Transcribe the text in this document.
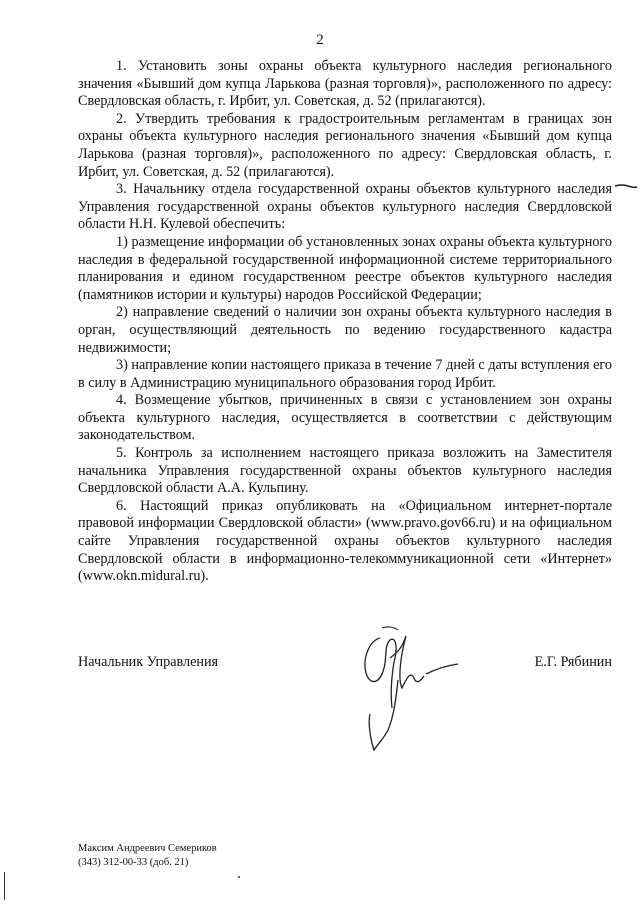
2

1. Установить зоны охраны объекта культурного наследия регионального значения «Бывший дом купца Ларькова (разная торговля)», расположенного по адресу: Свердловская область, г. Ирбит, ул. Советская, д. 52 (прилагаются).

2. Утвердить требования к градостроительным регламентам в границах зон охраны объекта культурного наследия регионального значения «Бывший дом купца Ларькова (разная торговля)», расположенного по адресу: Свердловская область, г. Ирбит, ул. Советская, д. 52 (прилагаются).

3. Начальнику отдела государственной охраны объектов культурного наследия Управления государственной охраны объектов культурного наследия Свердловской области Н.Н. Кулевой обеспечить:

1) размещение информации об установленных зонах охраны объекта культурного наследия в федеральной государственной информационной системе территориального планирования и едином государственном реестре объектов культурного наследия (памятников истории и культуры) народов Российской Федерации;

2) направление сведений о наличии зон охраны объекта культурного наследия в орган, осуществляющий деятельность по ведению государственного кадастра недвижимости;

3) направление копии настоящего приказа в течение 7 дней с даты вступления его в силу в Администрацию муниципального образования город Ирбит.

4. Возмещение убытков, причиненных в связи с установлением зон охраны объекта культурного наследия, осуществляется в соответствии с действующим законодательством.

5. Контроль за исполнением настоящего приказа возложить на Заместителя начальника Управления государственной охраны объектов культурного наследия Свердловской области А.А. Кульпину.

6. Настоящий приказ опубликовать на «Официальном интернет-портале правовой информации Свердловской области» (www.pravo.gov66.ru) и на официальном сайте Управления государственной охраны объектов культурного наследия Свердловской области в информационно-телекоммуникационной сети «Интернет» (www.okn.midural.ru).

Начальник Управления	Е.Г. Рябинин
Максим Андреевич Семериков
(343) 312-00-33 (доб. 21)
